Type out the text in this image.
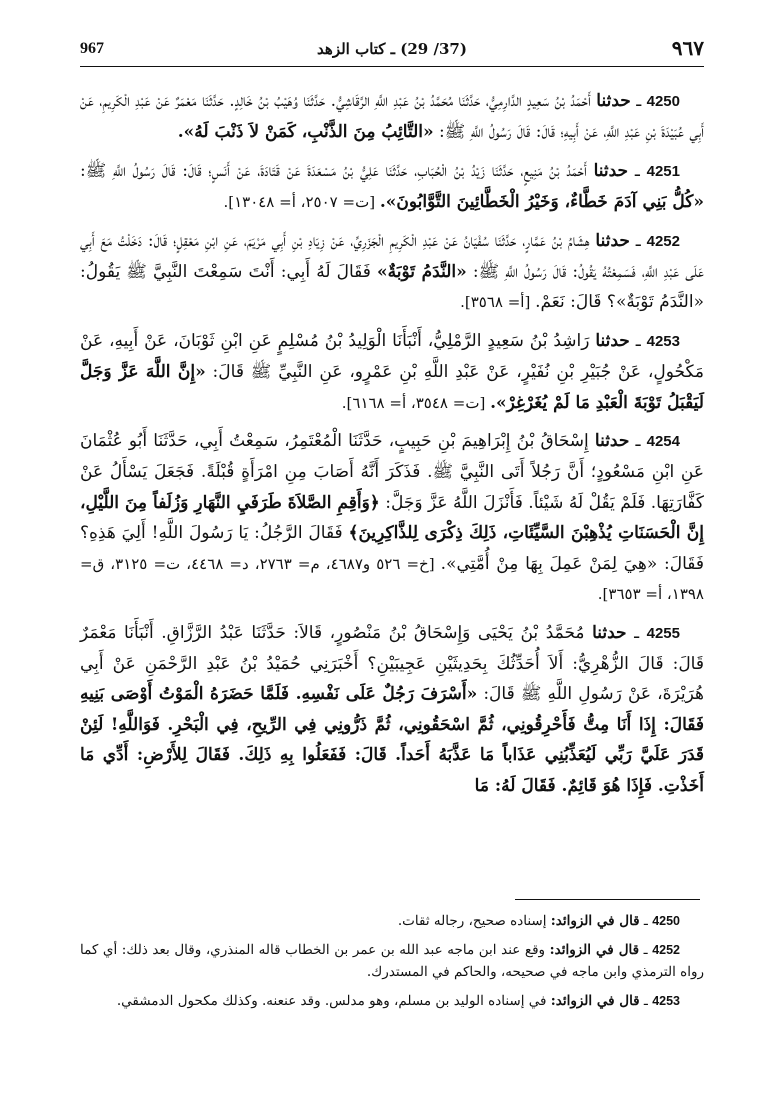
967	(37/ 29) ـ كتاب الزهد	٩٦٧

4250 ـ حدثنا أَحْمَدُ بْنُ سَعِيدٍ الدَّارِمِيُّ، حَدَّثَنَا مُحَمَّدُ بْنُ عَبْدِ اللَّهِ الرَّقَاشِيُّ. حَدَّثَنَا وُهَيْبُ بْنُ خَالِدٍ. حَدَّثَنَا مَعْمَرٌ عَنْ عَبْدِ الْكَرِيمِ، عَنْ أَبِي عُبَيْدَةَ بْنِ عَبْدِ اللَّهِ، عَنْ أَبِيهِ؛ قَالَ: قَالَ رَسُولُ اللَّهِ ﷺ: «التَّائِبُ مِنَ الذَّنْبِ، كَمَنْ لاَ ذَنْبَ لَهُ».

4251 ـ حدثنا أَحْمَدُ بْنُ مَنِيعٍ، حَدَّثَنَا زَيْدُ بْنُ الْحُبَابِ، حَدَّثَنَا عَلِيُّ بْنُ مَسْعَدَةَ عَنْ قَتَادَةَ، عَنْ أَنَسٍ؛ قَالَ: قَالَ رَسُولُ اللَّهِ ﷺ: «كُلُّ بَنِي آدَمَ خَطَّاءٌ، وَخَيْرُ الْخَطَّائِينَ التَّوَّابُونَ». [ت= ٢٥٠٧، أ= ١٣٠٤٨].

4252 ـ حدثنا هِشَامُ بْنُ عَمَّارٍ، حَدَّثَنَا سُفْيَانُ عَنْ عَبْدِ الْكَرِيمِ الْجَزَرِيِّ، عَنْ زِيَادِ بْنِ أَبِي مَرْيَمَ، عَنِ ابْنِ مَعْقِلٍ؛ قَالَ: دَخَلْتُ مَعَ أَبِي عَلَى عَبْدِ اللَّهِ، فَسَمِعْتُهُ يَقُولُ: قَالَ رَسُولُ اللَّهِ ﷺ: «النَّدَمُ تَوْبَةٌ» فَقَالَ لَهُ أَبِي: أَنْتَ سَمِعْتَ النَّبِيَّ ﷺ يَقُولُ: «النَّدَمُ تَوْبَةٌ»؟ قَالَ: نَعَمْ. [أ= ٣٥٦٨].

4253 ـ حدثنا رَاشِدُ بْنُ سَعِيدٍ الرَّمْلِيُّ، أَنْبَأَنَا الْوَلِيدُ بْنُ مُسْلِمٍ عَنِ ابْنِ ثَوْبَانَ، عَنْ أَبِيهِ، عَنْ مَكْحُولٍ، عَنْ جُبَيْرِ بْنِ نُفَيْرٍ، عَنْ عَبْدِ اللَّهِ بْنِ عَمْرٍو، عَنِ النَّبِيِّ ﷺ قَالَ: «إِنَّ اللَّهَ عَزَّ وَجَلَّ لَيَقْبَلُ تَوْبَةَ الْعَبْدِ مَا لَمْ يُغَرْغِرْ». [ت= ٣٥٤٨، أ= ٦١٦٨].

4254 ـ حدثنا إِسْحَاقُ بْنُ إِبْرَاهِيمَ بْنِ حَبِيبٍ، حَدَّثَنَا الْمُعْتَمِرُ، سَمِعْتُ أَبِي، حَدَّثَنَا أَبُو عُثْمَانَ عَنِ ابْنِ مَسْعُودٍ؛ أَنَّ رَجُلاً أَتَى النَّبِيَّ ﷺ. فَذَكَرَ أَنَّهُ أَصَابَ مِنِ امْرَأَةٍ قُبْلَةً. فَجَعَلَ يَسْأَلُ عَنْ كَفَّارَتِهَا. فَلَمْ يَقُلْ لَهُ شَيْئاً. فَأَنْزَلَ اللَّهُ عَزَّ وَجَلَّ: ﴿وَأَقِمِ الصَّلاَةَ طَرَفَيِ النَّهَارِ وَزُلَفاً مِنَ اللَّيْلِ، إِنَّ الْحَسَنَاتِ يُذْهِبْنَ السَّيِّئَاتِ، ذَلِكَ ذِكْرَى لِلذَّاكِرِينَ﴾ فَقَالَ الرَّجُلُ: يَا رَسُولَ اللَّهِ! أَلِيَ هَذِهِ؟ فَقَالَ: «هِيَ لِمَنْ عَمِلَ بِهَا مِنْ أُمَّتِي». [خ= ٥٢٦ و٤٦٨٧، م= ٢٧٦٣، د= ٤٤٦٨، ت= ٣١٢٥، ق= ١٣٩٨، أ= ٣٦٥٣].

4255 ـ حدثنا مُحَمَّدُ بْنُ يَحْيَى وَإِسْحَاقُ بْنُ مَنْصُورٍ، قَالاَ: حَدَّثَنَا عَبْدُ الرَّزَّاقِ. أَنْبَأَنَا مَعْمَرٌ قَالَ: قَالَ الزُّهْرِيُّ: أَلاَ أُحَدِّثُكَ بِحَدِيثَيْنِ عَجِيبَيْنِ؟ أَخْبَرَنِي حُمَيْدُ بْنُ عَبْدِ الرَّحْمَنِ عَنْ أَبِي هُرَيْرَةَ، عَنْ رَسُولِ اللَّهِ ﷺ قَالَ: «أَسْرَفَ رَجُلٌ عَلَى نَفْسِهِ. فَلَمَّا حَضَرَهُ الْمَوْتُ أَوْصَى بَنِيهِ فَقَالَ: إِذَا أَنَا مِتُّ فَأَحْرِقُونِي، ثُمَّ اسْحَقُونِي، ثُمَّ ذَرُّونِي فِي الرِّيحِ، فِي الْبَحْرِ. فَوَاللَّهِ! لَئِنْ قَدَرَ عَلَيَّ رَبِّي لَيُعَذِّبُنِي عَذَاباً مَا عَذَّبَهُ أَحَداً. قَالَ: فَفَعَلُوا بِهِ ذَلِكَ. فَقَالَ لِلأَرْضِ: أَدِّي مَا أَخَذْتِ. فَإِذَا هُوَ قَائِمٌ. فَقَالَ لَهُ: مَا

4250 ـ قال في الزوائد: إسناده صحيح، رجاله ثقات.

4252 ـ قال في الزوائد: وقع عند ابن ماجه عبد الله بن عمر بن الخطاب قاله المنذري، وقال بعد ذلك: أي كما رواه الترمذي وابن ماجه في صحيحه، والحاكم في المستدرك.

4253 ـ قال في الزوائد: في إسناده الوليد بن مسلم، وهو مدلس. وقد عنعنه. وكذلك مكحول الدمشقي.
